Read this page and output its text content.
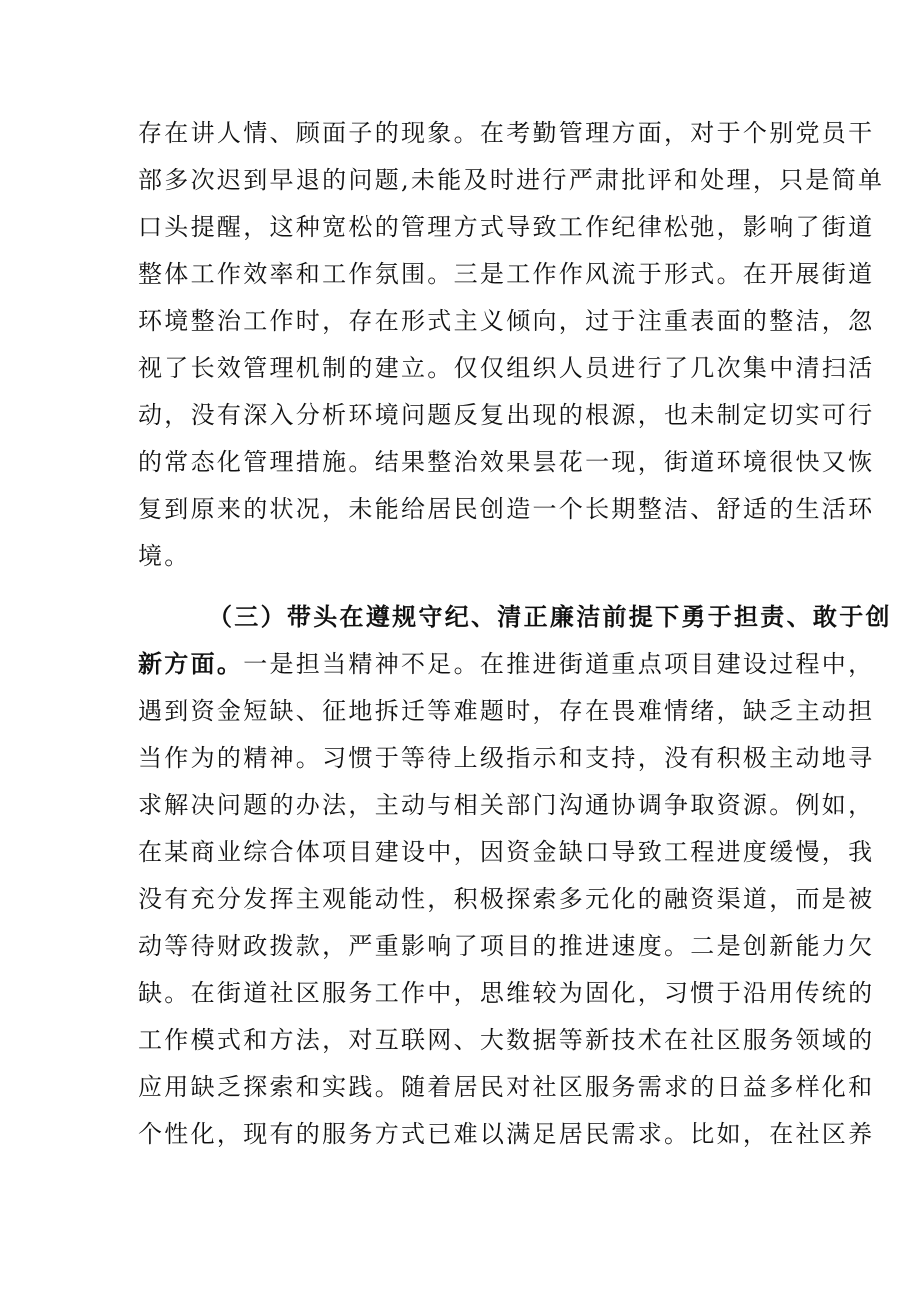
存在讲人情、顾面子的现象。在考勤管理方面，对于个别党员干
部多次迟到早退的问题,未能及时进行严肃批评和处理，只是简单
口头提醒，这种宽松的管理方式导致工作纪律松弛，影响了街道
整体工作效率和工作氛围。三是工作作风流于形式。在开展街道
环境整治工作时，存在形式主义倾向，过于注重表面的整洁，忽
视了长效管理机制的建立。仅仅组织人员进行了几次集中清扫活
动，没有深入分析环境问题反复出现的根源，也未制定切实可行
的常态化管理措施。结果整治效果昙花一现，街道环境很快又恢
复到原来的状况，未能给居民创造一个长期整洁、舒适的生活环
境。
（三）带头在遵规守纪、清正廉洁前提下勇于担责、敢于创
新方面。一是担当精神不足。在推进街道重点项目建设过程中，
遇到资金短缺、征地拆迁等难题时，存在畏难情绪，缺乏主动担
当作为的精神。习惯于等待上级指示和支持，没有积极主动地寻
求解决问题的办法，主动与相关部门沟通协调争取资源。例如，
在某商业综合体项目建设中，因资金缺口导致工程进度缓慢，我
没有充分发挥主观能动性，积极探索多元化的融资渠道，而是被
动等待财政拨款，严重影响了项目的推进速度。二是创新能力欠
缺。在街道社区服务工作中，思维较为固化，习惯于沿用传统的
工作模式和方法，对互联网、大数据等新技术在社区服务领域的
应用缺乏探索和实践。随着居民对社区服务需求的日益多样化和
个性化，现有的服务方式已难以满足居民需求。比如，在社区养
